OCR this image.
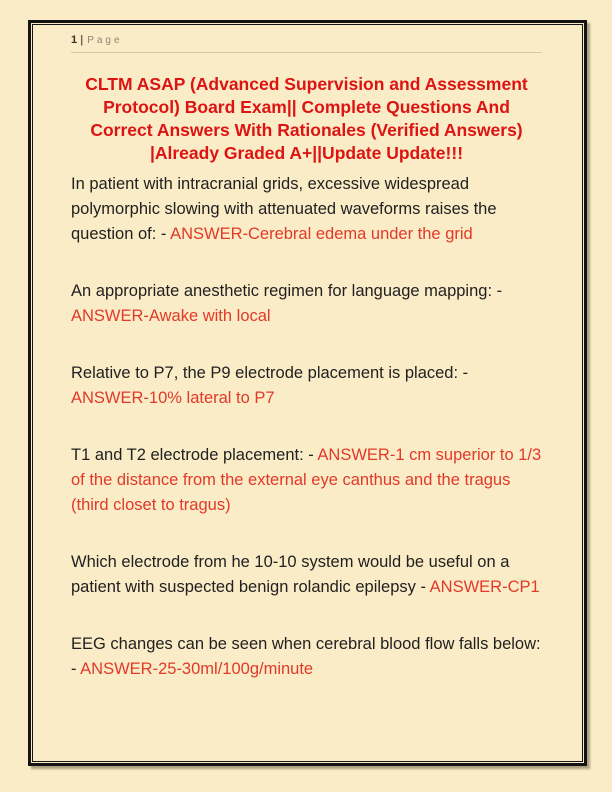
1 | Page
CLTM ASAP (Advanced Supervision and Assessment
Protocol) Board Exam|| Complete Questions And
Correct Answers With Rationales (Verified Answers)
|Already Graded A+||Update Update!!!
In patient with intracranial grids, excessive widespread polymorphic slowing with attenuated waveforms raises the question of: - ANSWER-Cerebral edema under the grid
An appropriate anesthetic regimen for language mapping: - ANSWER-Awake with local
Relative to P7, the P9 electrode placement is placed: - ANSWER-10% lateral to P7
T1 and T2 electrode placement: - ANSWER-1 cm superior to 1/3 of the distance from the external eye canthus and the tragus (third closet to tragus)
Which electrode from he 10-10 system would be useful on a patient with suspected benign rolandic epilepsy - ANSWER-CP1
EEG changes can be seen when cerebral blood flow falls below: - ANSWER-25-30ml/100g/minute
